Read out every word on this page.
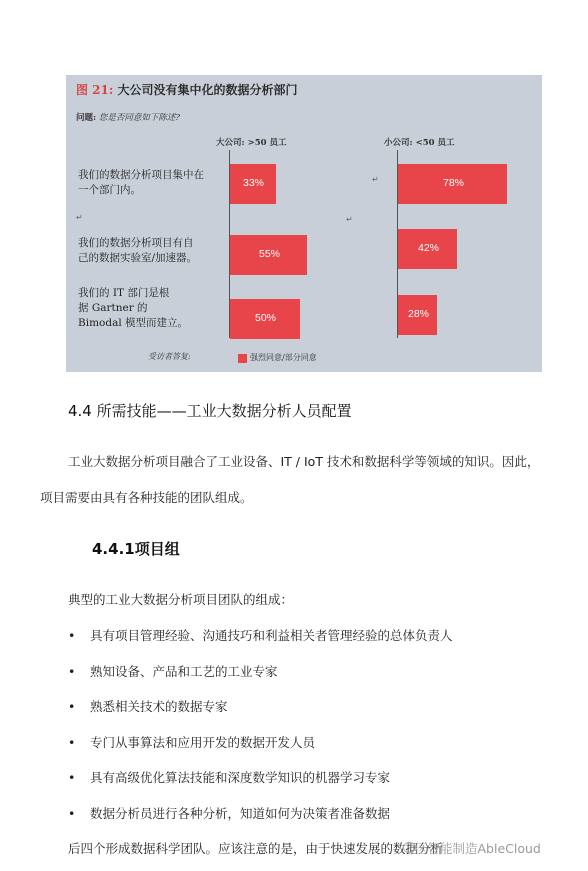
图 21: 大公司没有集中化的数据分析部门
问题: 您是否同意如下陈述?
大公司: >50 员工	小公司: <50 员工
我们的数据分析项目集中在
一个部门内。
我们的数据分析项目有自
己的数据实验室/加速器。
我们的 IT 部门是根
据 Gartner 的
Bimodal 模型而建立。
33%
55%
50%
78%
42%
28%
↵
↵
↵
受访者答复:	强烈同意/部分同意
4.4 所需技能——工业大数据分析人员配置
工业大数据分析项目融合了工业设备、IT / IoT 技术和数据科学等领域的知识。因此，
项目需要由具有各种技能的团队组成。
4.4.1项目组
典型的工业大数据分析项目团队的组成：
• 具有项目管理经验、沟通技巧和利益相关者管理经验的总体负责人
• 熟知设备、产品和工艺的工业专家
• 熟悉相关技术的数据专家
• 专门从事算法和应用开发的数据开发人员
• 具有高级优化算法技能和深度数学知识的机器学习专家
• 数据分析员进行各种分析，知道如何为决策者准备数据
后四个形成数据科学团队。应该注意的是，由于快速发展的数据分析
区智能制造AbleCloud
